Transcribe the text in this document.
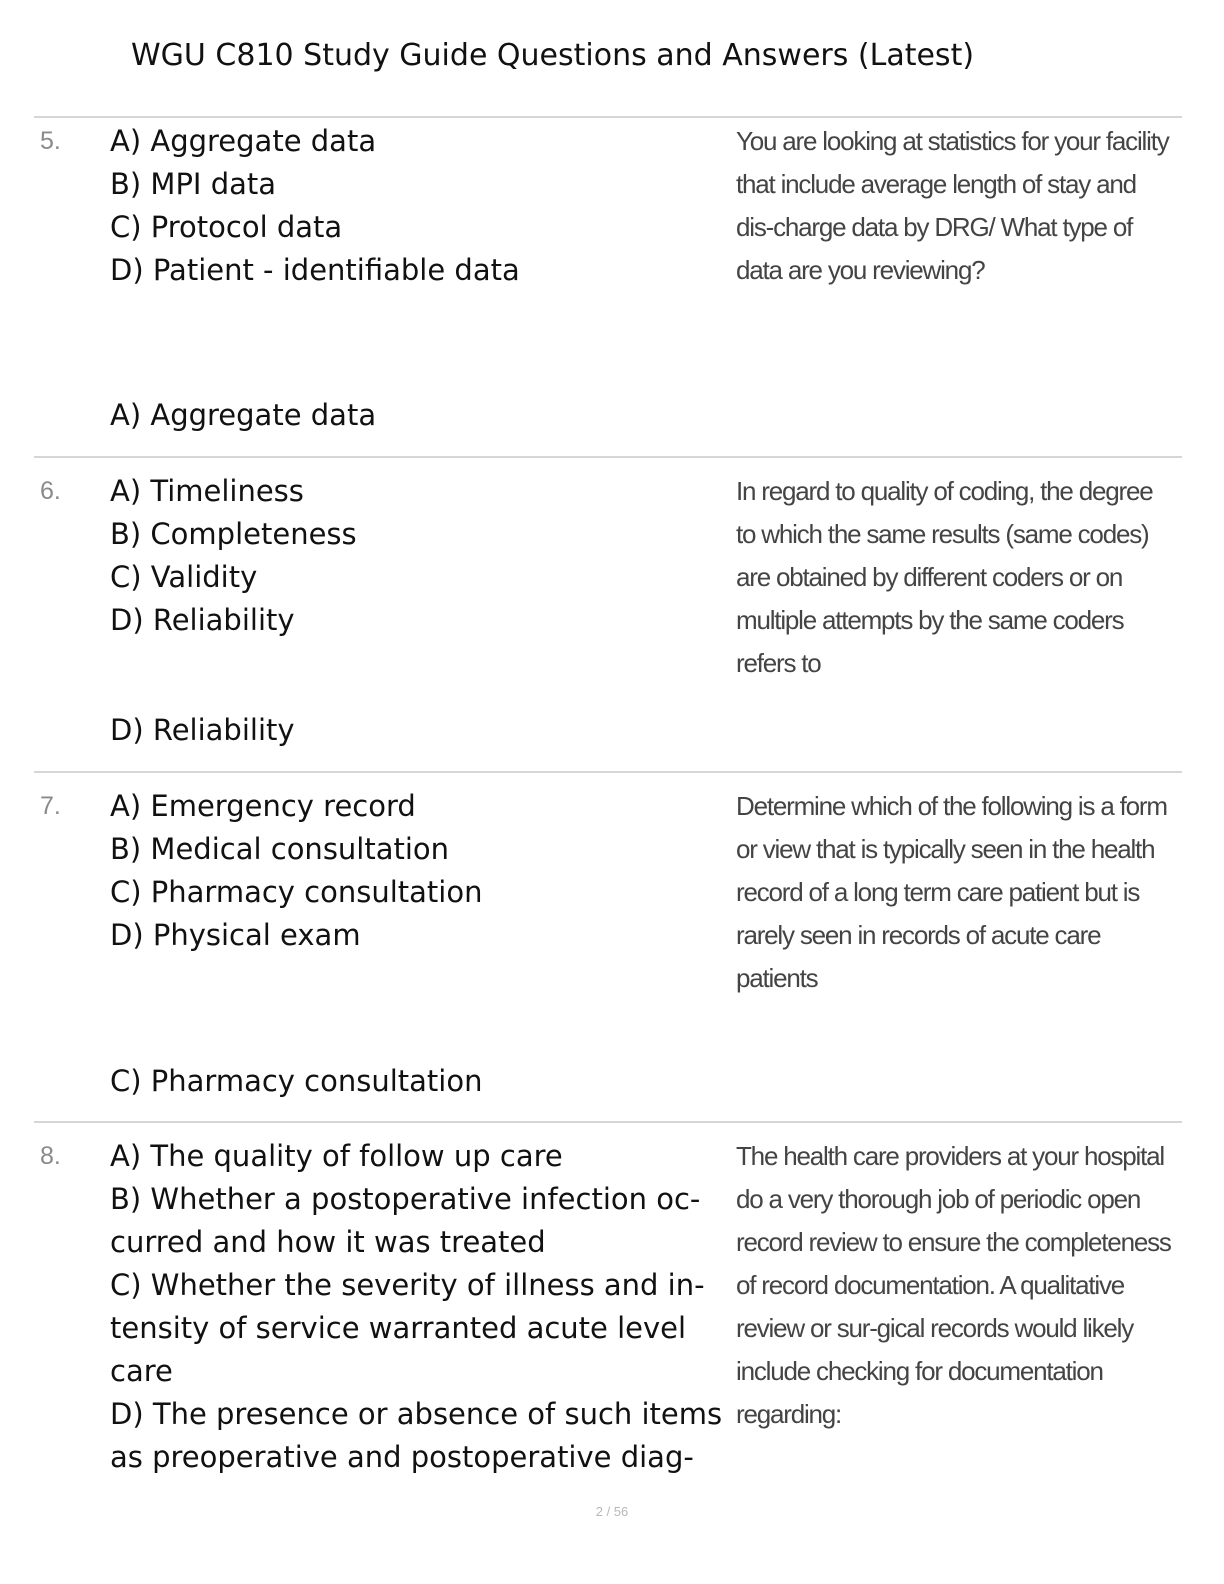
WGU C810 Study Guide Questions and Answers (Latest)
5. A) Aggregate data
B) MPI data
C) Protocol data
D) Patient - identifiable data
You are looking at statistics for your facility that include average length of stay and dis-charge data by DRG/ What type of data are you reviewing?
A) Aggregate data
6. A) Timeliness
B) Completeness
C) Validity
D) Reliability
In regard to quality of coding, the degree to which the same results (same codes) are obtained by different coders or on multiple attempts by the same coders refers to
D) Reliability
7. A) Emergency record
B) Medical consultation
C) Pharmacy consultation
D) Physical exam
Determine which of the following is a form or view that is typically seen in the health record of a long term care patient but is rarely seen in records of acute care patients
C) Pharmacy consultation
8. A) The quality of follow up care
B) Whether a postoperative infection oc-curred and how it was treated
C) Whether the severity of illness and in-tensity of service warranted acute level care
D) The presence or absence of such items as preoperative and postoperative diag-
The health care providers at your hospital do a very thorough job of periodic open record review to ensure the completeness of record documentation. A qualitative review or sur-gical records would likely include checking for documentation regarding:
2 / 56
